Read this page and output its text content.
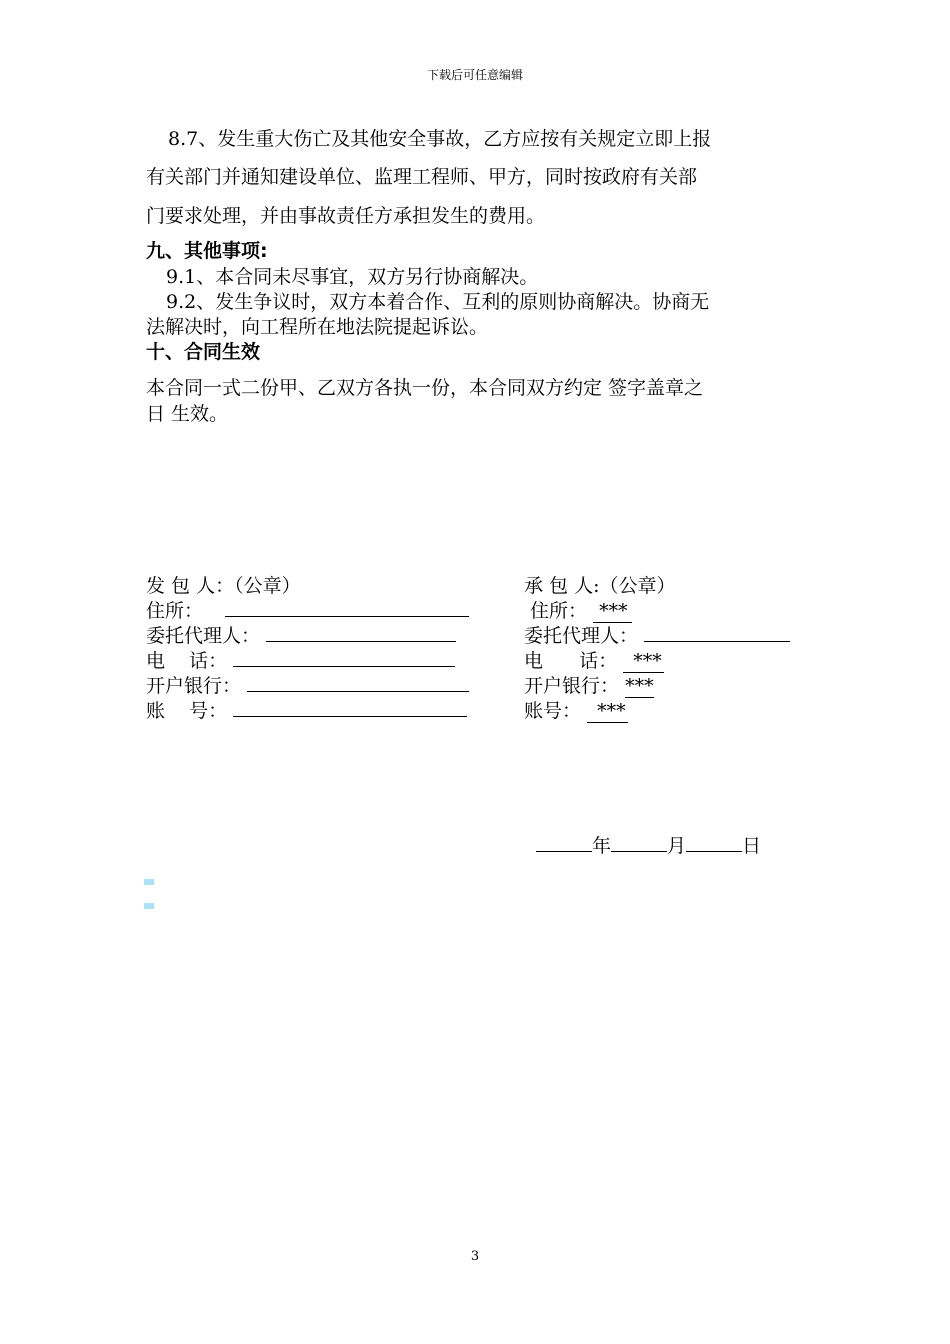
下载后可任意编辑
8.7、发生重大伤亡及其他安全事故，乙方应按有关规定立即上报
有关部门并通知建设单位、监理工程师、甲方，同时按政府有关部
门要求处理，并由事故责任方承担发生的费用。
九、其他事项:
9.1、本合同未尽事宜，双方另行协商解决。
9.2、发生争议时，双方本着合作、互利的原则协商解决。协商无
法解决时，向工程所在地法院提起诉讼。
十、合同生效
本合同一式二份甲、乙双方各执一份，本合同双方约定 签字盖章之
日 生效。
发 包 人：（公章）
住所：
委托代理人：
电    话：
开户银行：
账    号：
承 包 人:（公章）
住所： ***
委托代理人：
电      话： ***
开户银行： ***
账号： ***
年	月	日
3
